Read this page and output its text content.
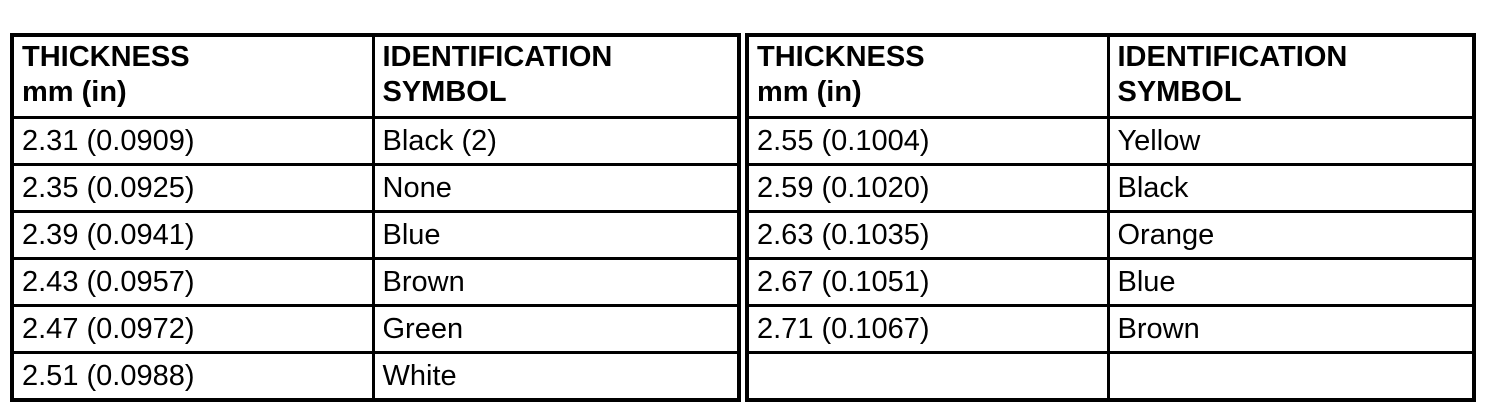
THICKNESS
mm (in)	IDENTIFICATION
SYMBOL

2.31 (0.0909)	Black (2)
2.35 (0.0925)	None
2.39 (0.0941)	Blue
2.43 (0.0957)	Brown
2.47 (0.0972)	Green
2.51 (0.0988)	White
THICKNESS
mm (in)	IDENTIFICATION
SYMBOL

2.55 (0.1004)	Yellow
2.59 (0.1020)	Black
2.63 (0.1035)	Orange
2.67 (0.1051)	Blue
2.71 (0.1067)	Brown
